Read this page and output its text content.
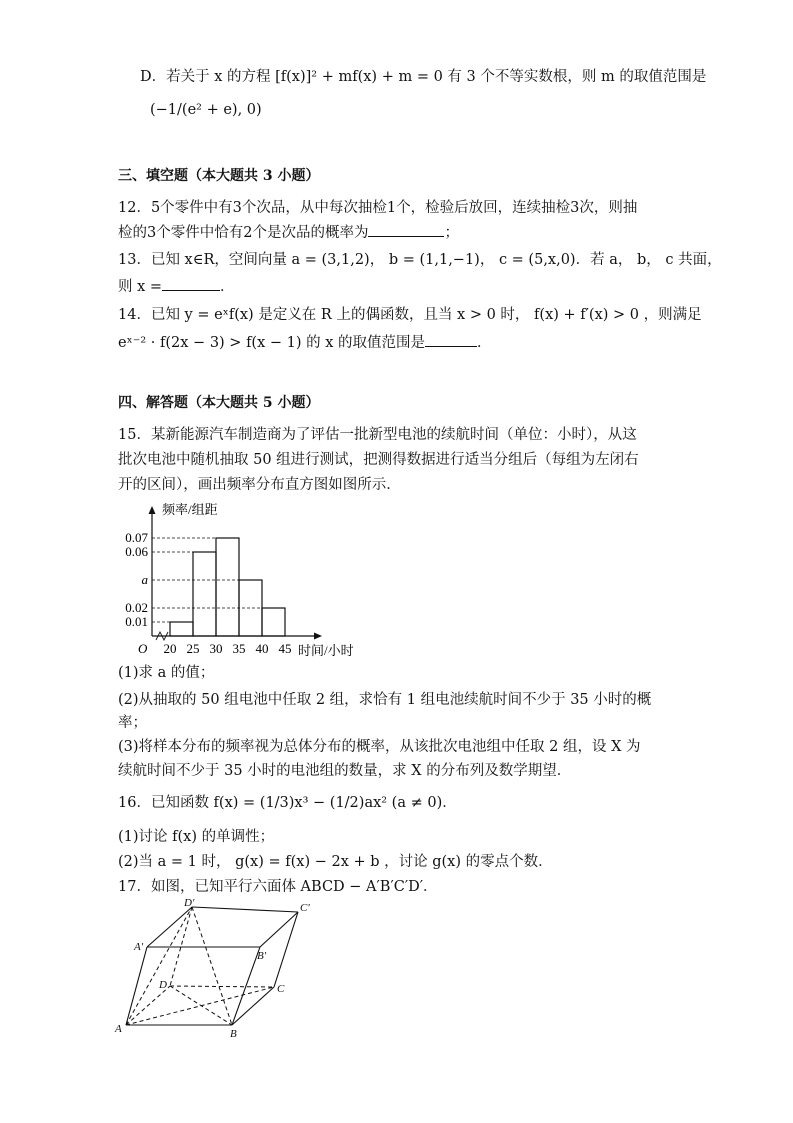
D．若关于 x 的方程 [f(x)]² + mf(x) + m = 0 有 3 个不等实数根，则 m 的取值范围是
(−1/(e² + e), 0)
三、填空题（本大题共 3 小题）
12．5个零件中有3个次品，从中每次抽检1个，检验后放回，连续抽检3次，则抽
检的3个零件中恰有2个是次品的概率为	；
13．已知 x∈R，空间向量 a = (3,1,2)， b = (1,1,−1)， c = (5,x,0)．若 a， b， c 共面，
则 x =	．
14．已知 y = eˣf(x) 是定义在 R 上的偶函数，且当 x > 0 时， f(x) + f′(x) > 0 ，则满足
eˣ⁻² · f(2x − 3) > f(x − 1) 的 x 的取值范围是	．
四、解答题（本大题共 5 小题）
15．某新能源汽车制造商为了评估一批新型电池的续航时间（单位：小时），从这
批次电池中随机抽取 50 组进行测试，把测得数据进行适当分组后（每组为左闭右
开的区间），画出频率分布直方图如图所示．
0.07
0.06
a
0.02
0.01
20 25 30 35 40 45
O
频率/组距
时间/小时
(1)求 a 的值；
(2)从抽取的 50 组电池中任取 2 组，求恰有 1 组电池续航时间不少于 35 小时的概
率；
(3)将样本分布的频率视为总体分布的概率，从该批次电池组中任取 2 组，设 X 为
续航时间不少于 35 小时的电池组的数量，求 X 的分布列及数学期望．
16．已知函数 f(x) = (1/3)x³ − (1/2)ax² (a ≠ 0)．
(1)讨论 f(x) 的单调性；
(2)当 a = 1 时， g(x) = f(x) − 2x + b ，讨论 g(x) 的零点个数．
17．如图，已知平行六面体 ABCD − A′B′C′D′．
D′	C′
A′
B′
D	C
A	B
